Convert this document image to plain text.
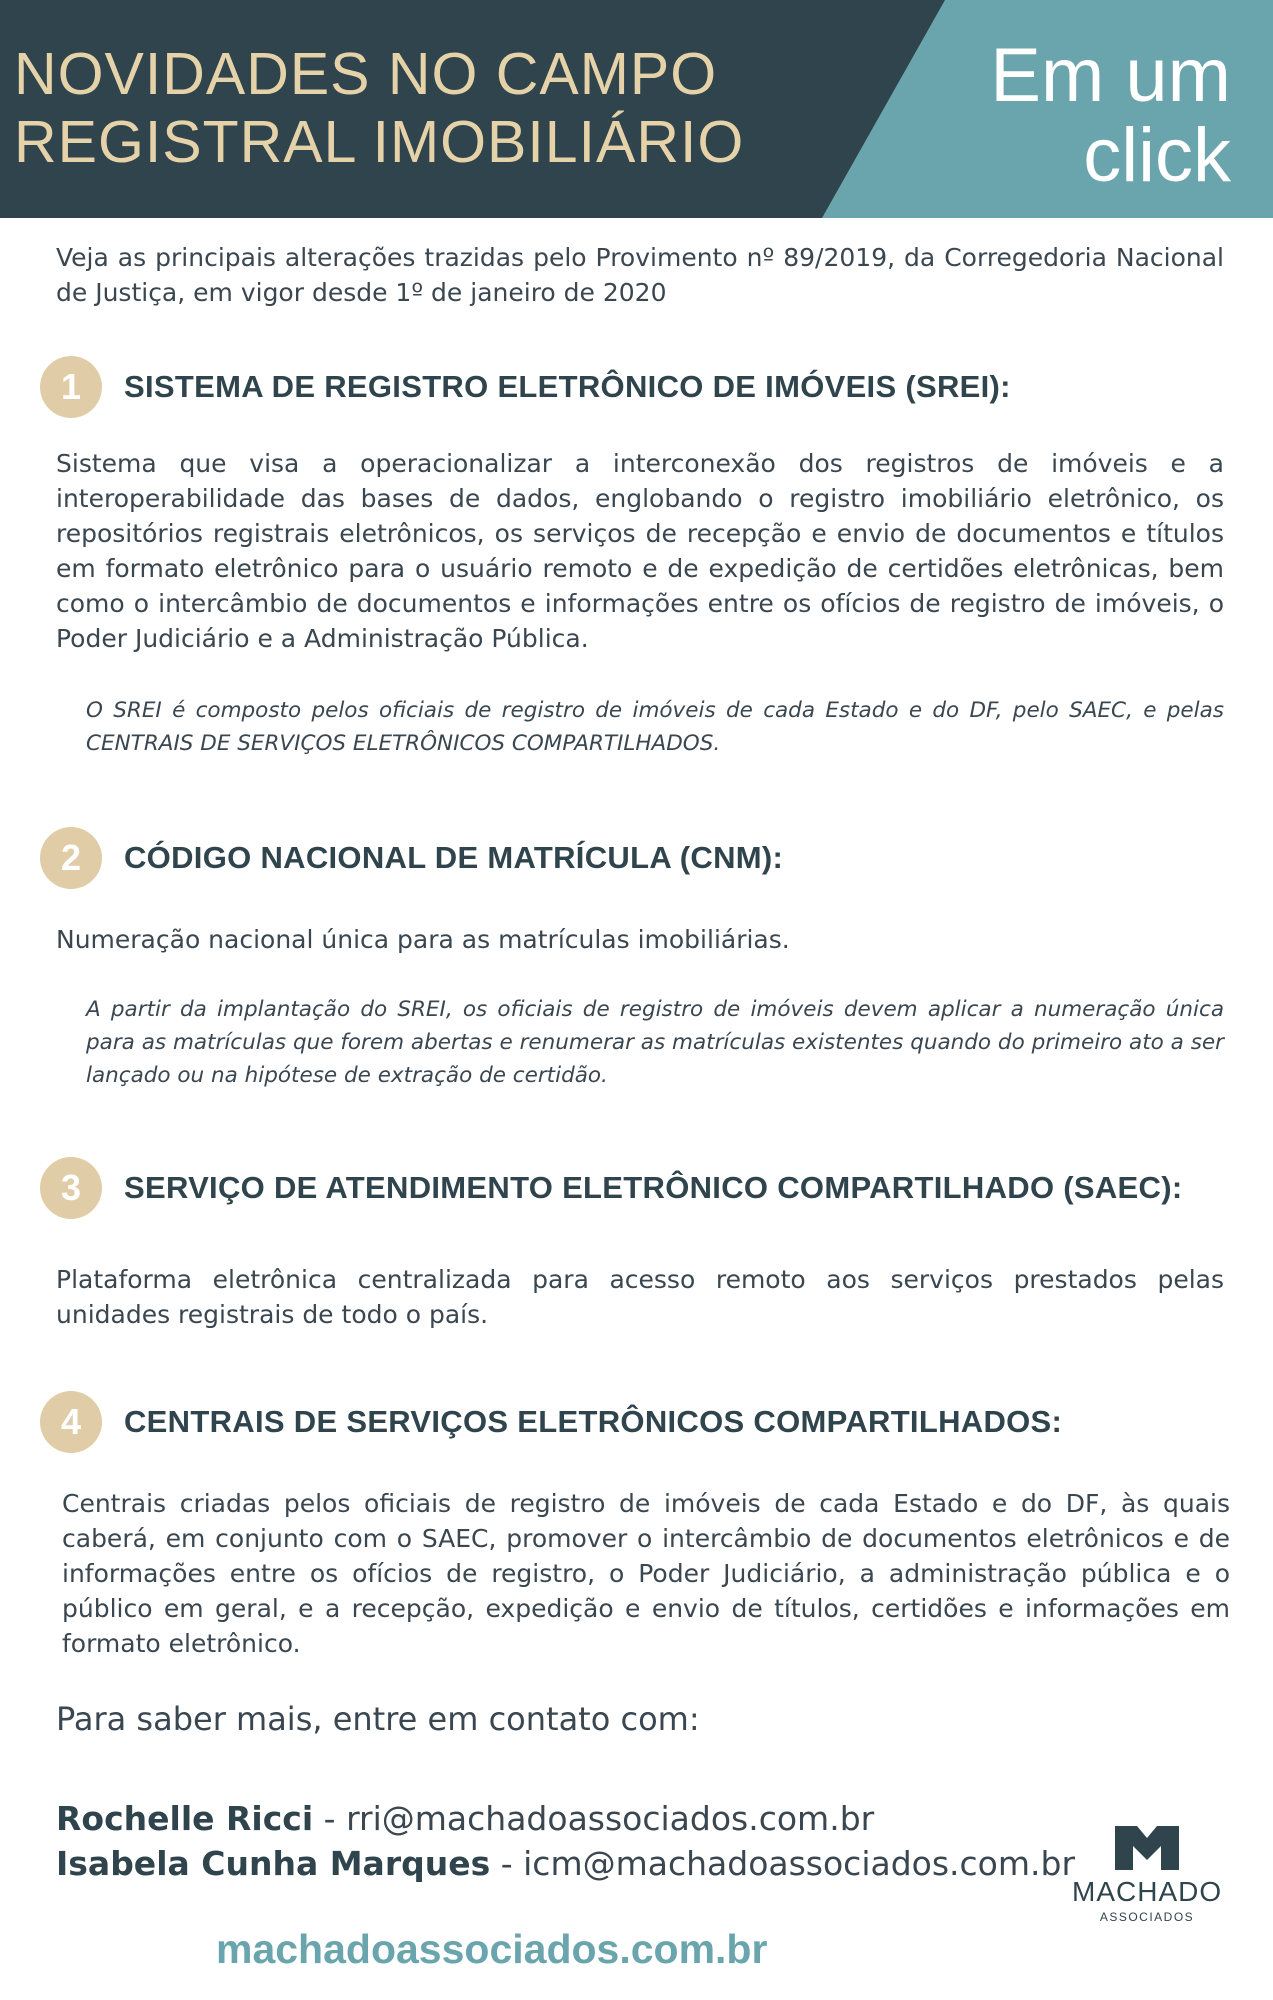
NOVIDADES NO CAMPO
REGISTRAL IMOBILIÁRIO
Em um
click

Veja as principais alterações trazidas pelo Provimento nº 89/2019, da Corregedoria Nacional de Justiça, em vigor desde 1º de janeiro de 2020

1	SISTEMA DE REGISTRO ELETRÔNICO DE IMÓVEIS (SREI):

Sistema que visa a operacionalizar a interconexão dos registros de imóveis e a interoperabilidade das bases de dados, englobando o registro imobiliário eletrônico, os repositórios registrais eletrônicos, os serviços de recepção e envio de documentos e títulos em formato eletrônico para o usuário remoto e de expedição de certidões eletrônicas, bem como o intercâmbio de documentos e informações entre os ofícios de registro de imóveis, o Poder Judiciário e a Administração Pública.

O SREI é composto pelos oficiais de registro de imóveis de cada Estado e do DF, pelo SAEC, e pelas CENTRAIS DE SERVIÇOS ELETRÔNICOS COMPARTILHADOS.

2	CÓDIGO NACIONAL DE MATRÍCULA (CNM):

Numeração nacional única para as matrículas imobiliárias.

A partir da implantação do SREI, os oficiais de registro de imóveis devem aplicar a numeração única para as matrículas que forem abertas e renumerar as matrículas existentes quando do primeiro ato a ser lançado ou na hipótese de extração de certidão.

3	SERVIÇO DE ATENDIMENTO ELETRÔNICO COMPARTILHADO (SAEC):

Plataforma eletrônica centralizada para acesso remoto aos serviços prestados pelas unidades registrais de todo o país.

4	CENTRAIS DE SERVIÇOS ELETRÔNICOS COMPARTILHADOS:

Centrais criadas pelos oficiais de registro de imóveis de cada Estado e do DF, às quais caberá, em conjunto com o SAEC, promover o intercâmbio de documentos eletrônicos e de informações entre os ofícios de registro, o Poder Judiciário, a administração pública e o público em geral, e a recepção, expedição e envio de títulos, certidões e informações em formato eletrônico.

Para saber mais, entre em contato com:

Rochelle Ricci - rri@machadoassociados.com.br
Isabela Cunha Marques - icm@machadoassociados.com.br
machadoassociados.com.br
MACHADO
ASSOCIADOS
